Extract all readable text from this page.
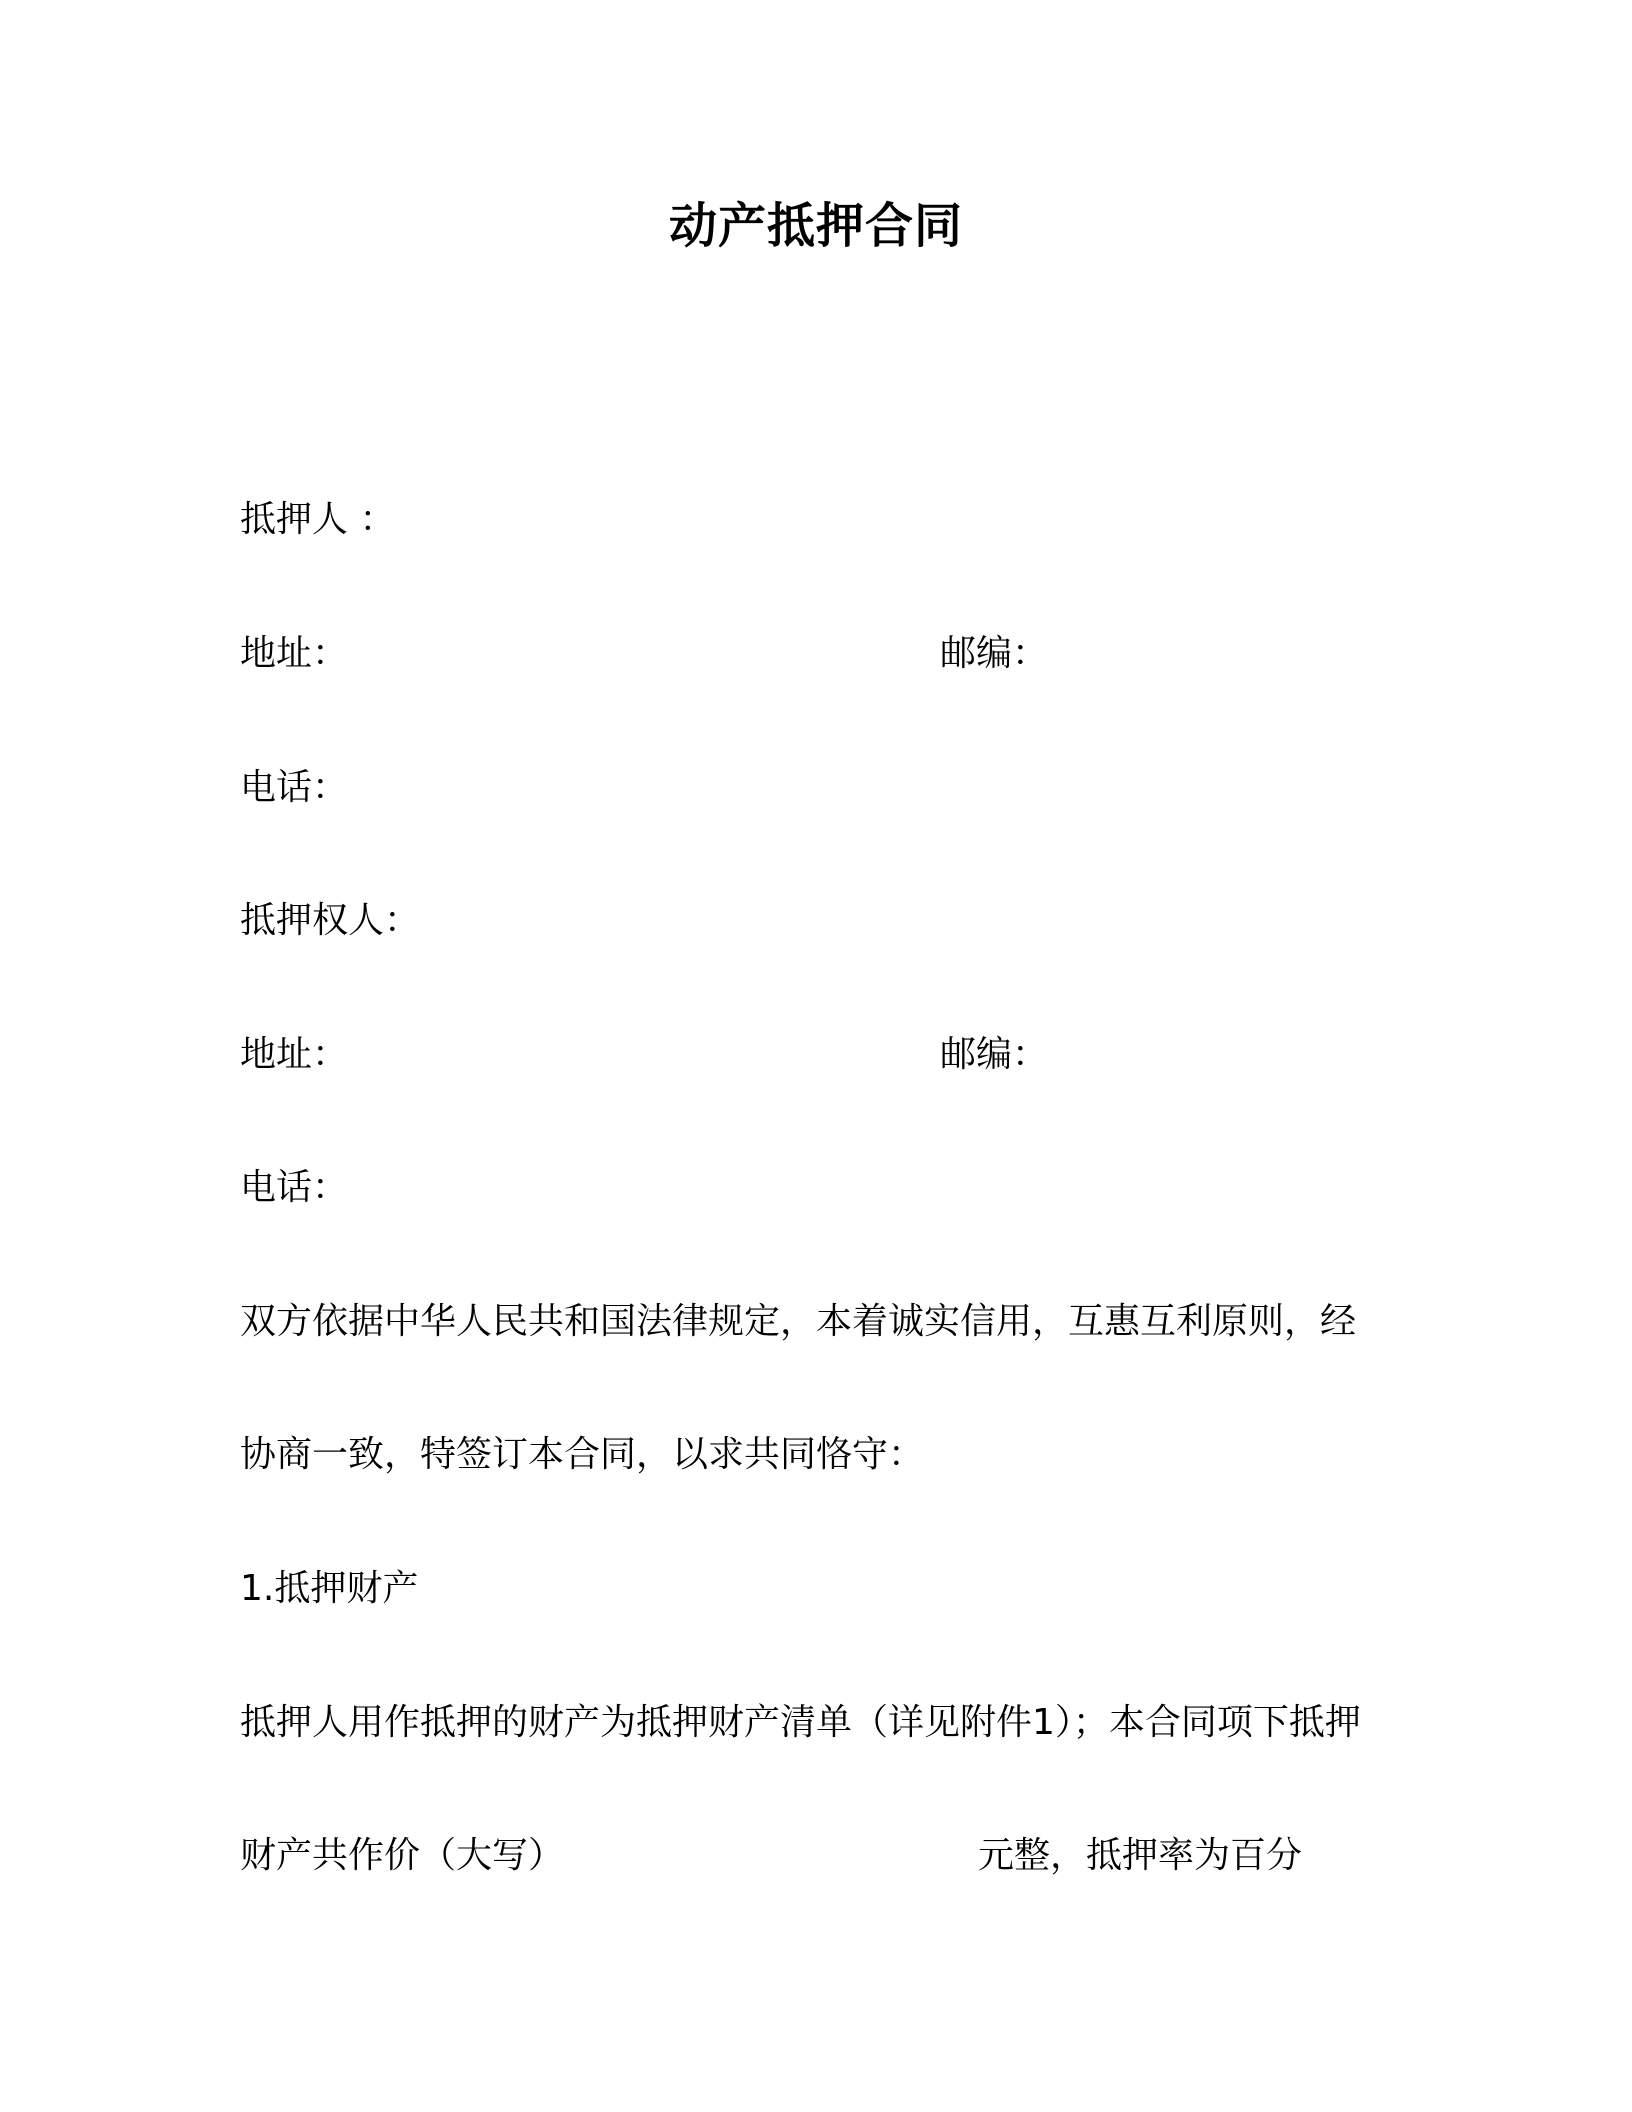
动产抵押合同
抵押人 ：
地址：	邮编：
电话：
抵押权人：
地址：	邮编：
电话：
双方依据中华人民共和国法律规定，本着诚实信用，互惠互利原则，经
协商一致，特签订本合同，以求共同恪守：
1.抵押财产
抵押人用作抵押的财产为抵押财产清单（详见附件1）；本合同项下抵押
财产共作价（大写）	元整，抵押率为百分
